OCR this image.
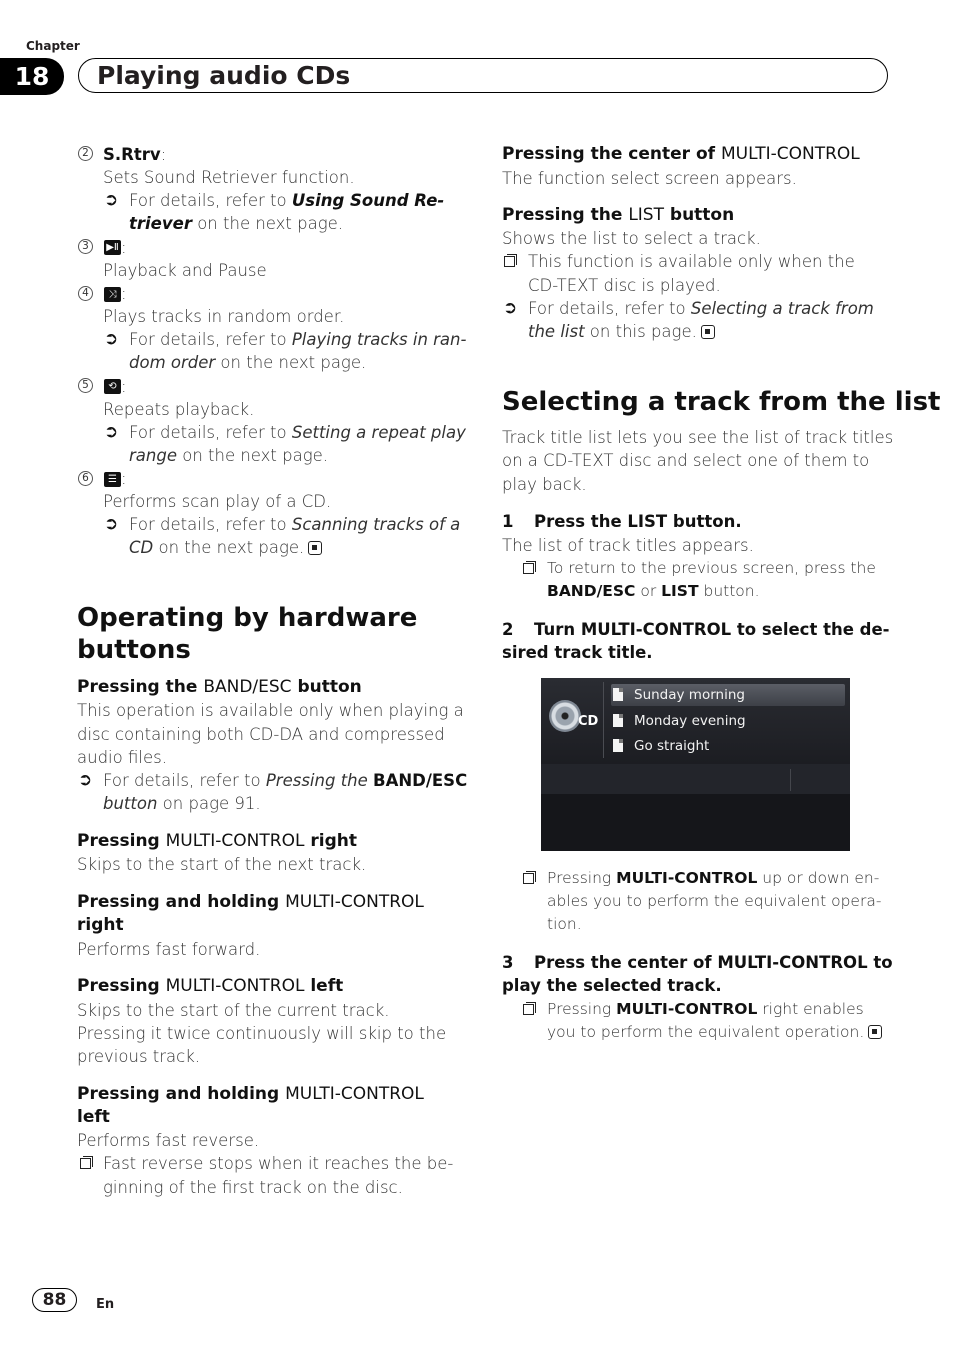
Chapter
18	Playing audio CDs
2 S.Rtrv:
Sets Sound Retriever function.
➲ For details, refer to Using Sound Re-
triever on the next page.
3	▶Ⅱ :
Playback and Pause
4	⤨ :
Plays tracks in random order.
➲ For details, refer to Playing tracks in ran-
dom order on the next page.
5	⟲ :
Repeats playback.
➲ For details, refer to Setting a repeat play
range on the next page.
6	☰ :
Performs scan play of a CD.
➲ For details, refer to Scanning tracks of a
CD on the next page.
Operating by hardware
buttons
Pressing the BAND/ESC button
This operation is available only when playing a
disc containing both CD-DA and compressed
audio files.
➲ For details, refer to Pressing the BAND/ESC
button on page 91.
Pressing MULTI-CONTROL right
Skips to the start of the next track.
Pressing and holding MULTI-CONTROL
right
Performs fast forward.
Pressing MULTI-CONTROL left
Skips to the start of the current track.
Pressing it twice continuously will skip to the
previous track.
Pressing and holding MULTI-CONTROL
left
Performs fast reverse.
Fast reverse stops when it reaches the be-
ginning of the first track on the disc.
Pressing the center of MULTI-CONTROL
The function select screen appears.
Pressing the LIST button
Shows the list to select a track.
This function is available only when the
CD-TEXT disc is played.
➲ For details, refer to Selecting a track from
the list on this page.
Selecting a track from the list
Track title list lets you see the list of track titles
on a CD-TEXT disc and select one of them to
play back.
1 Press the LIST button.
The list of track titles appears.
To return to the previous screen, press the
BAND/ESC or LIST button.
2 Turn MULTI-CONTROL to select the de-
sired track title.
CD
Sunday morning
Monday evening
Go straight
Pressing MULTI-CONTROL up or down en-
ables you to perform the equivalent opera-
tion.
3 Press the center of MULTI-CONTROL to
play the selected track.
Pressing MULTI-CONTROL right enables
you to perform the equivalent operation.
88	En
